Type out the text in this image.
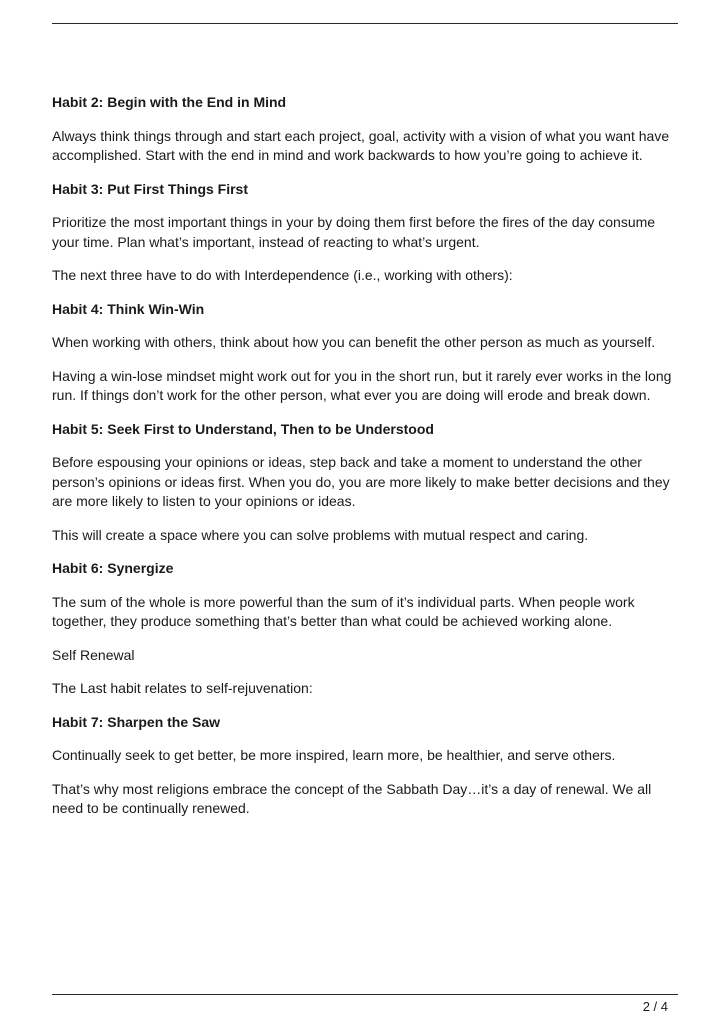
Habit 2: Begin with the End in Mind

Always think things through and start each project, goal, activity with a vision of what you want have accomplished. Start with the end in mind and work backwards to how you’re going to achieve it.

Habit 3: Put First Things First

Prioritize the most important things in your by doing them first before the fires of the day consume your time. Plan what’s important, instead of reacting to what’s urgent.

The next three have to do with Interdependence (i.e., working with others):

Habit 4: Think Win-Win

When working with others, think about how you can benefit the other person as much as yourself.

Having a win-lose mindset might work out for you in the short run, but it rarely ever works in the long run. If things don’t work for the other person, what ever you are doing will erode and break down.

Habit 5: Seek First to Understand, Then to be Understood

Before espousing your opinions or ideas, step back and take a moment to understand the other person’s opinions or ideas first. When you do, you are more likely to make better decisions and they are more likely to listen to your opinions or ideas.

This will create a space where you can solve problems with mutual respect and caring.

Habit 6: Synergize

The sum of the whole is more powerful than the sum of it’s individual parts. When people work together, they produce something that’s better than what could be achieved working alone.

Self Renewal

The Last habit relates to self-rejuvenation:

Habit 7: Sharpen the Saw

Continually seek to get better, be more inspired, learn more, be healthier, and serve others.

That’s why most religions embrace the concept of the Sabbath Day…it’s a day of renewal. We all need to be continually renewed.

2 / 4
